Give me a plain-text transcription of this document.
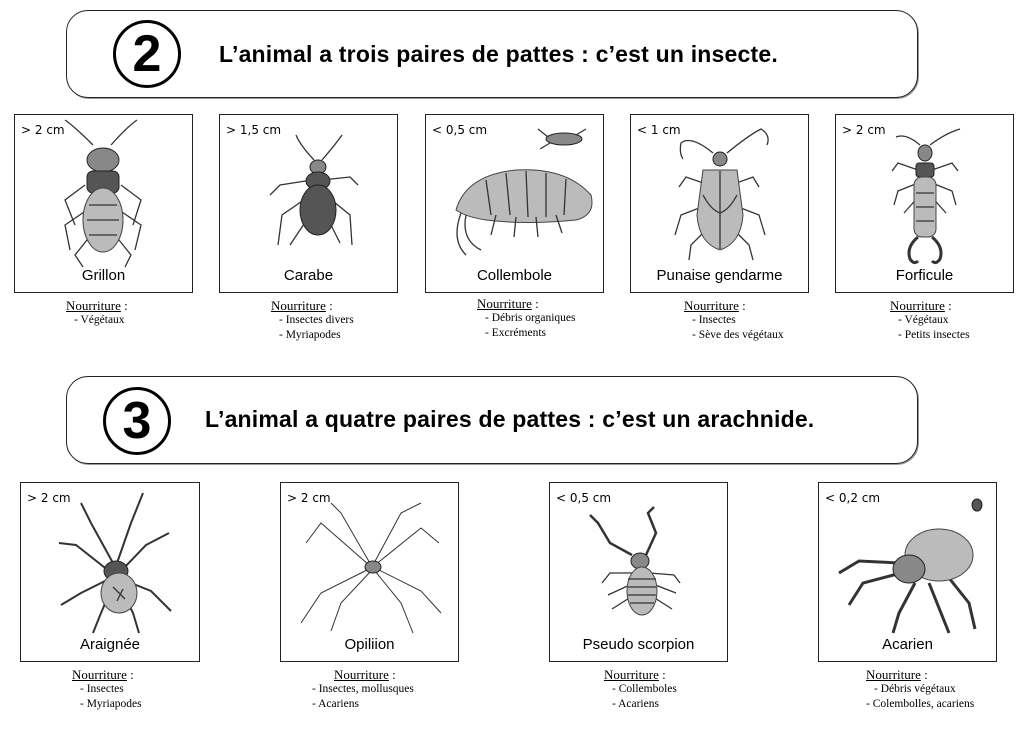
2	L’animal a trois paires de pattes : c’est un insecte.
> 2 cm
Grillon
Nourriture :
- Végétaux
> 1,5 cm
Carabe
Nourriture :
- Insectes divers
- Myriapodes
< 0,5 cm
Collembole
Nourriture :
- Débris organiques
- Excréments
< 1 cm
Punaise gendarme
Nourriture :
- Insectes
- Sève des végétaux
> 2 cm
Forficule
Nourriture :
- Végétaux
- Petits insectes
3	L’animal a quatre paires de pattes : c’est un arachnide.
> 2 cm
Araignée
Nourriture :
- Insectes
- Myriapodes
> 2 cm
Opiliion
Nourriture :
- Insectes, mollusques
- Acariens
< 0,5 cm
Pseudo scorpion
Nourriture :
- Collemboles
- Acariens
< 0,2 cm
Acarien
Nourriture :
- Débris végétaux
- Colembolles, acariens
